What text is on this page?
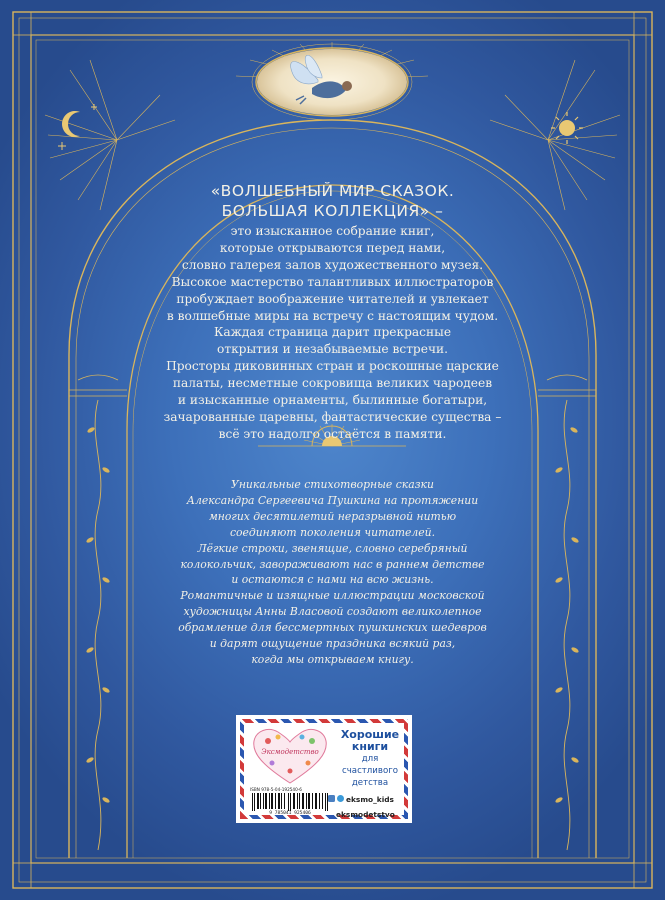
«ВОЛШЕБНЫЙ МИР СКАЗОК.
БОЛЬШАЯ КОЛЛЕКЦИЯ» –
это изысканное собрание книг,
которые открываются перед нами,
словно галерея залов художественного музея.
Высокое мастерство талантливых иллюстраторов
пробуждает воображение читателей и увлекает
в волшебные миры на встречу с настоящим чудом.
Каждая страница дарит прекрасные
открытия и незабываемые встречи.
Просторы диковинных стран и роскошные царские
палаты, несметные сокровища великих чародеев
и изысканные орнаменты, былинные богатыри,
зачарованные царевны, фантастические существа –
всё это надолго остаётся в памяти.
Уникальные стихотворные сказки
Александра Сергеевича Пушкина на протяжении
многих десятилетий неразрывной нитью
соединяют поколения читателей.
Лёгкие строки, звенящие, словно серебряный
колокольчик, завораживают нас в раннем детстве
и остаются с нами на всю жизнь.
Романтичные и изящные иллюстрации московской
художницы Анны Власовой создают великолепное
обрамление для бессмертных пушкинских шедевров
и дарят ощущение праздника всякий раз,
когда мы открываем книгу.
Эксмодетство
ISBN 978-5-04-192540-6
9 785041 925406
Хорошие
книги
для счастливого
детства
eksmo_kids
eksmodetstvo
